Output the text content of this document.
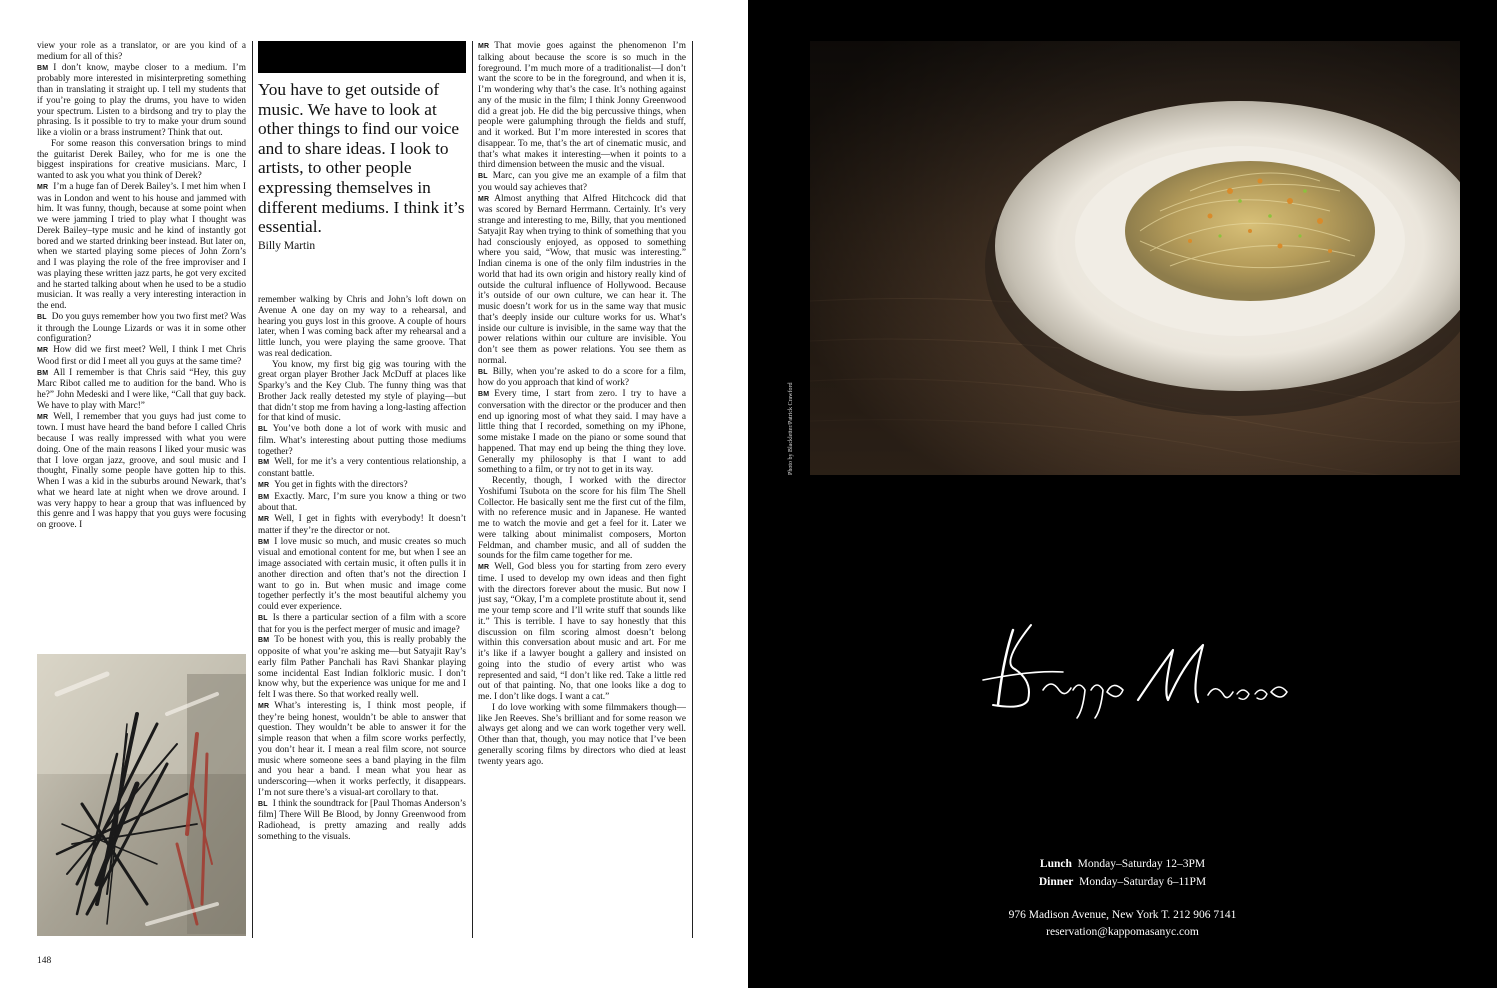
view your role as a translator, or are you kind of a medium for all of this?

BM I don’t know, maybe closer to a medium. I’m probably more interested in misinterpreting something than in translating it straight up. I tell my students that if you’re going to play the drums, you have to widen your spectrum. Listen to a birdsong and try to play the phrasing. Is it possible to try to make your drum sound like a violin or a brass instrument? Think that out.

For some reason this conversation brings to mind the guitarist Derek Bailey, who for me is one the biggest inspirations for creative musicians. Marc, I wanted to ask you what you think of Derek?

MR I’m a huge fan of Derek Bailey’s. I met him when I was in London and went to his house and jammed with him. It was funny, though, because at some point when we were jamming I tried to play what I thought was Derek Bailey–type music and he kind of instantly got bored and we started drinking beer instead. But later on, when we started playing some pieces of John Zorn’s and I was playing the role of the free improviser and I was playing these written jazz parts, he got very excited and he started talking about when he used to be a studio musician. It was really a very interesting interaction in the end.

BL Do you guys remember how you two first met? Was it through the Lounge Lizards or was it in some other configuration?

MR How did we first meet? Well, I think I met Chris Wood first or did I meet all you guys at the same time?

BM All I remember is that Chris said “Hey, this guy Marc Ribot called me to audition for the band. Who is he?” John Medeski and I were like, “Call that guy back. We have to play with Marc!”

MR Well, I remember that you guys had just come to town. I must have heard the band before I called Chris because I was really impressed with what you were doing. One of the main reasons I liked your music was that I love organ jazz, groove, and soul music and I thought, Finally some people have gotten hip to this. When I was a kid in the suburbs around Newark, that’s what we heard late at night when we drove around. I was very happy to hear a group that was influenced by this genre and I was happy that you guys were focusing on groove. I

You have to get outside of music. We have to look at other things to find our voice and to share ideas. I look to artists, to other people expressing themselves in different mediums. I think it’s essential.
Billy Martin

remember walking by Chris and John’s loft down on Avenue A one day on my way to a rehearsal, and hearing you guys lost in this groove. A couple of hours later, when I was coming back after my rehearsal and a little lunch, you were playing the same groove. That was real dedication.

You know, my first big gig was touring with the great organ player Brother Jack McDuff at places like Sparky’s and the Key Club. The funny thing was that Brother Jack really detested my style of playing—but that didn’t stop me from having a long-lasting affection for that kind of music.

BL You’ve both done a lot of work with music and film. What’s interesting about putting those mediums together?

BM Well, for me it’s a very contentious relationship, a constant battle.

MR You get in fights with the directors?

BM Exactly. Marc, I’m sure you know a thing or two about that.

MR Well, I get in fights with everybody! It doesn’t matter if they’re the director or not.

BM I love music so much, and music creates so much visual and emotional content for me, but when I see an image associated with certain music, it often pulls it in another direction and often that’s not the direction I want to go in. But when music and image come together perfectly it’s the most beautiful alchemy you could ever experience.

BL Is there a particular section of a film with a score that for you is the perfect merger of music and image?

BM To be honest with you, this is really probably the opposite of what you’re asking me—but Satyajit Ray’s early film Pather Panchali has Ravi Shankar playing some incidental East Indian folkloric music. I don’t know why, but the experience was unique for me and I felt I was there. So that worked really well.

MR What’s interesting is, I think most people, if they’re being honest, wouldn’t be able to answer that question. They wouldn’t be able to answer it for the simple reason that when a film score works perfectly, you don’t hear it. I mean a real film score, not source music where someone sees a band playing in the film and you hear a band. I mean what you hear as underscoring—when it works perfectly, it disappears. I’m not sure there’s a visual-art corollary to that.

BL I think the soundtrack for [Paul Thomas Anderson’s film] There Will Be Blood, by Jonny Greenwood from Radiohead, is pretty amazing and really adds something to the visuals.

MR That movie goes against the phenomenon I’m talking about because the score is so much in the foreground. I’m much more of a traditionalist—I don’t want the score to be in the foreground, and when it is, I’m wondering why that’s the case. It’s nothing against any of the music in the film; I think Jonny Greenwood did a great job. He did the big percussive things, when people were galumphing through the fields and stuff, and it worked. But I’m more interested in scores that disappear. To me, that’s the art of cinematic music, and that’s what makes it interesting—when it points to a third dimension between the music and the visual.

BL Marc, can you give me an example of a film that you would say achieves that?

MR Almost anything that Alfred Hitchcock did that was scored by Bernard Herrmann. Certainly. It’s very strange and interesting to me, Billy, that you mentioned Satyajit Ray when trying to think of something that you had consciously enjoyed, as opposed to something where you said, “Wow, that music was interesting.” Indian cinema is one of the only film industries in the world that had its own origin and history really kind of outside the cultural influence of Hollywood. Because it’s outside of our own culture, we can hear it. The music doesn’t work for us in the same way that music that’s deeply inside our culture works for us. What’s inside our culture is invisible, in the same way that the power relations within our culture are invisible. You don’t see them as power relations. You see them as normal.

BL Billy, when you’re asked to do a score for a film, how do you approach that kind of work?

BM Every time, I start from zero. I try to have a conversation with the director or the producer and then end up ignoring most of what they said. I may have a little thing that I recorded, something on my iPhone, some mistake I made on the piano or some sound that happened. That may end up being the thing they love. Generally my philosophy is that I want to add something to a film, or try not to get in its way.

Recently, though, I worked with the director Yoshifumi Tsubota on the score for his film The Shell Collector. He basically sent me the first cut of the film, with no reference music and in Japanese. He wanted me to watch the movie and get a feel for it. Later we were talking about minimalist composers, Morton Feldman, and chamber music, and all of sudden the sounds for the film came together for me.

MR Well, God bless you for starting from zero every time. I used to develop my own ideas and then fight with the directors forever about the music. But now I just say, “Okay, I’m a complete prostitute about it, send me your temp score and I’ll write stuff that sounds like it.” This is terrible. I have to say honestly that this discussion on film scoring almost doesn’t belong within this conversation about music and art. For me it’s like if a lawyer bought a gallery and insisted on going into the studio of every artist who was represented and said, “I don’t like red. Take a little red out of that painting. No, that one looks like a dog to me. I don’t like dogs. I want a cat.”

I do love working with some filmmakers though—like Jen Reeves. She’s brilliant and for some reason we always get along and we can work together very well. Other than that, though, you may notice that I’ve been generally scoring films by directors who died at least twenty years ago.

148
Photo by Blackletter/Patrick Crawford
Lunch Monday–Saturday 12–3PM
Dinner Monday–Saturday 6–11PM
976 Madison Avenue, New York T. 212 906 7141
reservation@kappomasanyc.com
